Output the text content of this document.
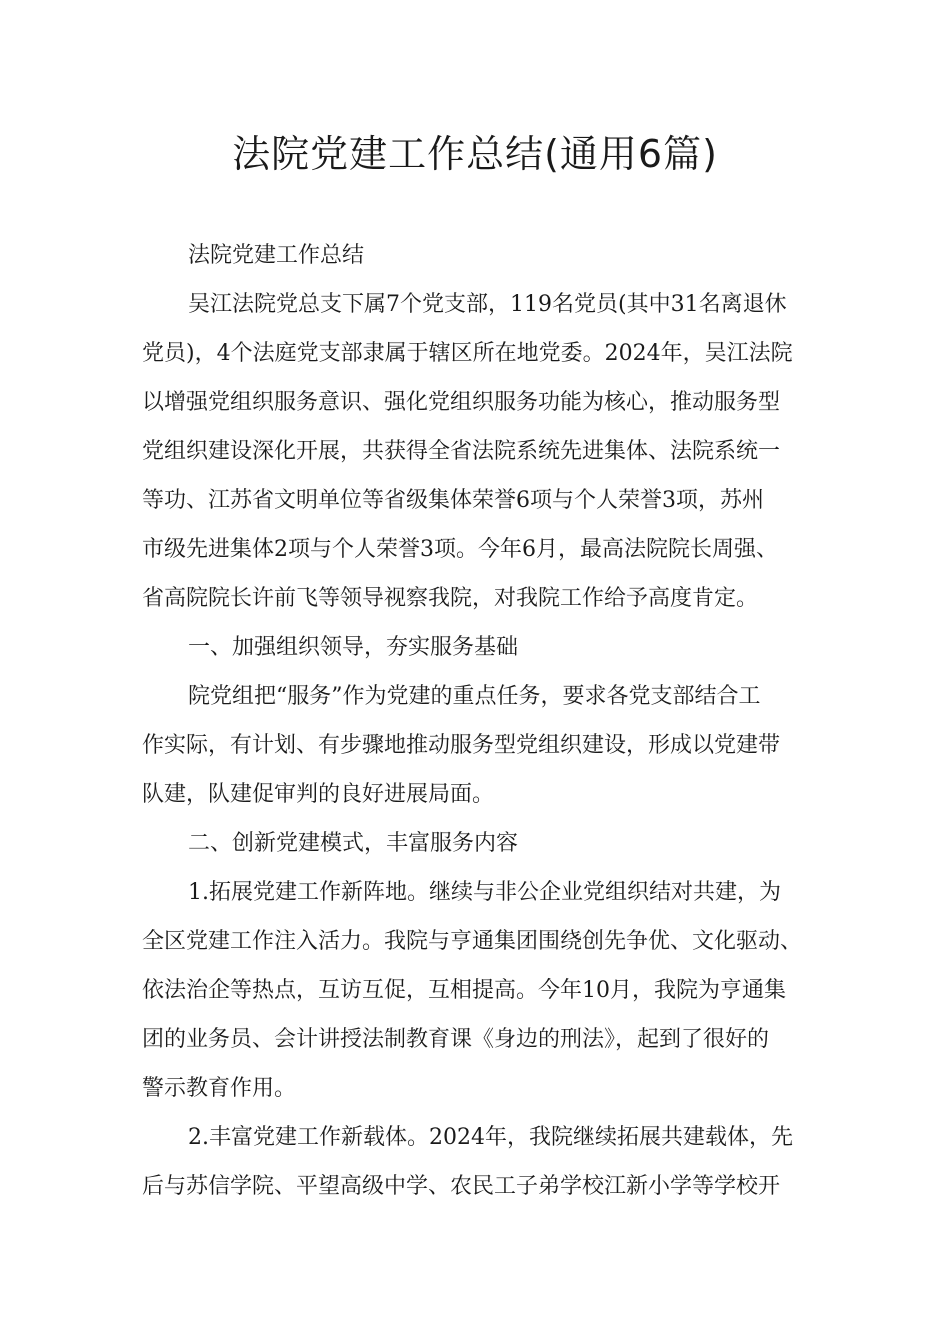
法院党建工作总结(通用6篇)

法院党建工作总结

吴江法院党总支下属7个党支部，119名党员(其中31名离退休
党员)，4个法庭党支部隶属于辖区所在地党委。2024年，吴江法院
以增强党组织服务意识、强化党组织服务功能为核心，推动服务型
党组织建设深化开展，共获得全省法院系统先进集体、法院系统一
等功、江苏省文明单位等省级集体荣誉6项与个人荣誉3项，苏州
市级先进集体2项与个人荣誉3项。今年6月，最高法院院长周强、
省高院院长许前飞等领导视察我院，对我院工作给予高度肯定。

一、加强组织领导，夯实服务基础

院党组把“服务”作为党建的重点任务，要求各党支部结合工
作实际，有计划、有步骤地推动服务型党组织建设，形成以党建带
队建，队建促审判的良好进展局面。

二、创新党建模式，丰富服务内容

1.拓展党建工作新阵地。继续与非公企业党组织结对共建，为
全区党建工作注入活力。我院与亨通集团围绕创先争优、文化驱动、
依法治企等热点，互访互促，互相提高。今年10月，我院为亨通集
团的业务员、会计讲授法制教育课《身边的刑法》，起到了很好的
警示教育作用。

2.丰富党建工作新载体。2024年，我院继续拓展共建载体，先
后与苏信学院、平望高级中学、农民工子弟学校江新小学等学校开
